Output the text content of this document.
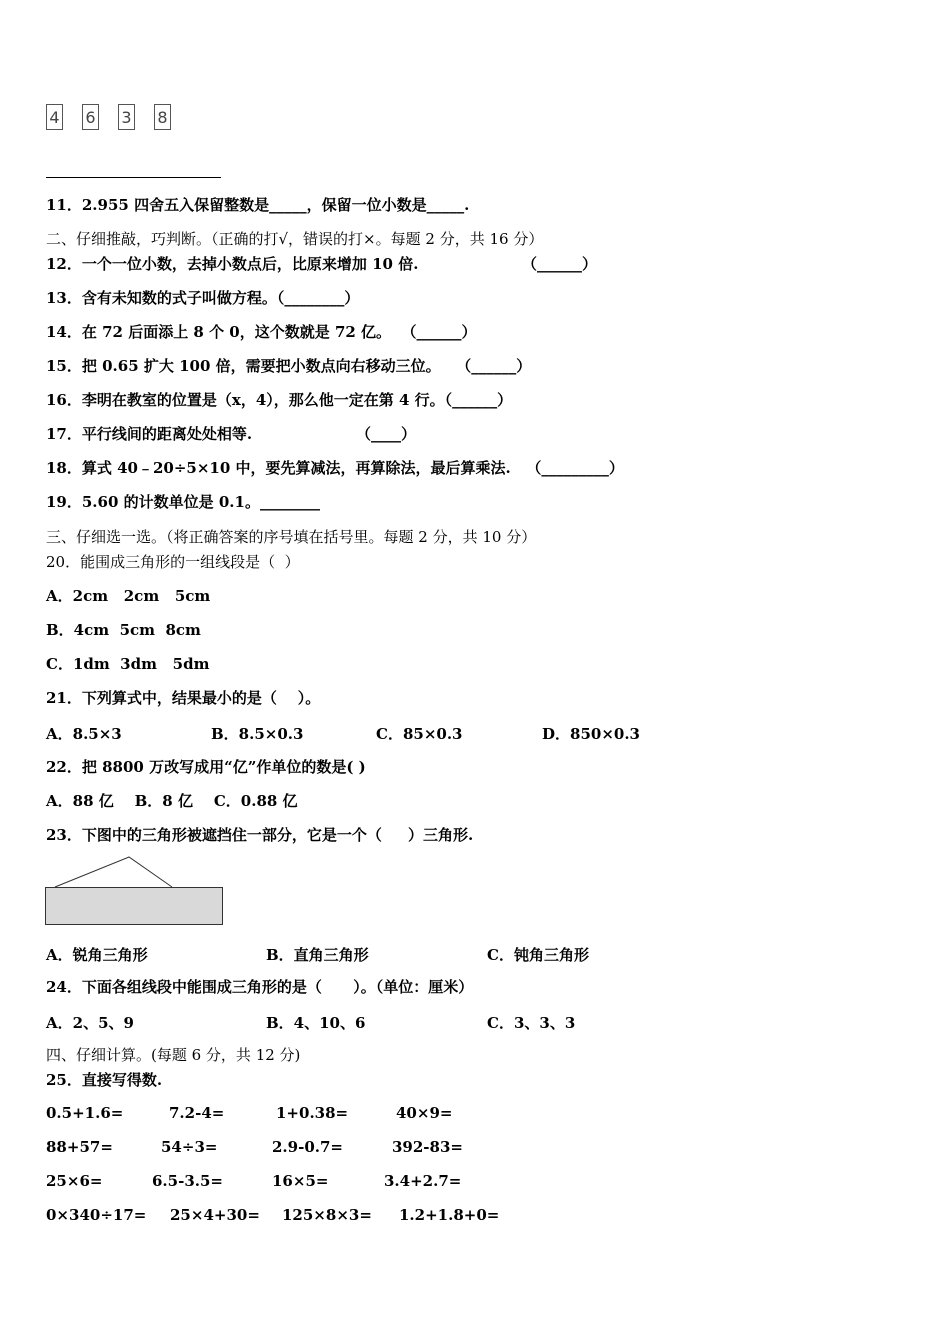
4 6 3 8
11．2.955 四舍五入保留整数是_____，保留一位小数是_____.
二、仔细推敲，巧判断。（正确的打√，错误的打×。每题 2 分，共 16 分）
12．一个一位小数，去掉小数点后，比原来增加 10 倍.	（______）
13．含有未知数的式子叫做方程。（________）
14．在 72 后面添上 8 个 0，这个数就是 72 亿。  （______）
15．把 0.65 扩大 100 倍，需要把小数点向右移动三位。   （______）
16．李明在教室的位置是（x，4），那么他一定在第 4 行。（______）
17．平行线间的距离处处相等.	（____）
18．算式 40﹣20÷5×10 中，要先算减法，再算除法，最后算乘法.   （_________）
19．5.60 的计数单位是 0.1。________
三、仔细选一选。（将正确答案的序号填在括号里。每题 2 分，共 10 分）
20．能围成三角形的一组线段是（  ）
A．2cm   2cm   5cm
B．4cm  5cm  8cm
C．1dm  3dm   5dm
21．下列算式中，结果最小的是（    ）。
A．8.5×3	B．8.5×0.3	C．85×0.3	D．850×0.3
22．把 8800 万改写成用“亿”作单位的数是( )
A．88 亿    B．8 亿    C．0.88 亿
23．下图中的三角形被遮挡住一部分，它是一个（     ）三角形.
A．锐角三角形	B．直角三角形	C．钝角三角形
24．下面各组线段中能围成三角形的是（      ）。（单位：厘米）
A．2、5、9	B．4、10、6	C．3、3、3
四、仔细计算。(每题 6 分，共 12 分)
25．直接写得数.
0.5+1.6=	7.2-4=	1+0.38=	40×9=
88+57=	54÷3=	2.9-0.7=	392-83=
25×6=	6.5-3.5=	16×5=	3.4+2.7=
0×340÷17= 25×4+30= 125×8×3= 1.2+1.8+0=
